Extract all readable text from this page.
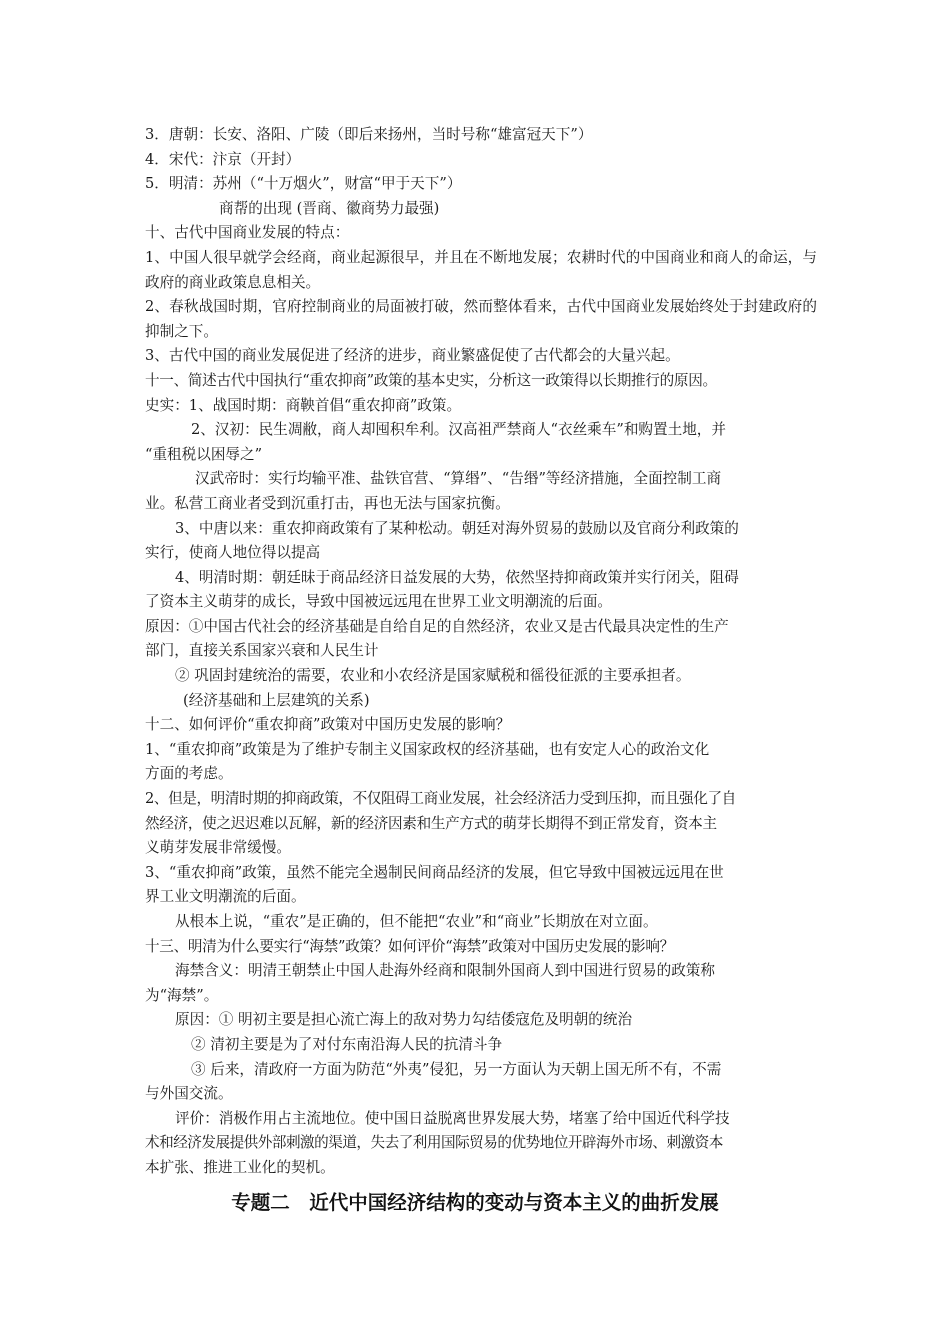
3．唐朝：长安、洛阳、广陵（即后来扬州，当时号称“雄富冠天下”）
4．宋代：汴京（开封）
5．明清：苏州（“十万烟火”，财富“甲于天下”）
商帮的出现 (晋商、徽商势力最强)
十、古代中国商业发展的特点：
1、中国人很早就学会经商，商业起源很早，并且在不断地发展；农耕时代的中国商业和商人的命运，与政府的商业政策息息相关。
2、春秋战国时期，官府控制商业的局面被打破，然而整体看来，古代中国商业发展始终处于封建政府的抑制之下。
3、古代中国的商业发展促进了经济的进步，商业繁盛促使了古代都会的大量兴起。
十一、简述古代中国执行“重农抑商”政策的基本史实，分析这一政策得以长期推行的原因。
史实：1、战国时期：商鞅首倡“重农抑商”政策。
2、汉初：民生凋敝，商人却囤积牟利。汉高祖严禁商人“衣丝乘车”和购置土地，并
“重租税以困辱之”
汉武帝时：实行均输平准、盐铁官营、“算缗”、“告缗”等经济措施，全面控制工商
业。私营工商业者受到沉重打击，再也无法与国家抗衡。
3、中唐以来：重农抑商政策有了某种松动。朝廷对海外贸易的鼓励以及官商分利政策的
实行，使商人地位得以提高
4、明清时期：朝廷昧于商品经济日益发展的大势，依然坚持抑商政策并实行闭关，阻碍
了资本主义萌芽的成长，导致中国被远远甩在世界工业文明潮流的后面。
原因：①中国古代社会的经济基础是自给自足的自然经济，农业又是古代最具决定性的生产
部门，直接关系国家兴衰和人民生计
② 巩固封建统治的需要，农业和小农经济是国家赋税和徭役征派的主要承担者。
(经济基础和上层建筑的关系)
十二、如何评价“重农抑商”政策对中国历史发展的影响？
1、“重农抑商”政策是为了维护专制主义国家政权的经济基础，也有安定人心的政治文化
方面的考虑。
2、但是，明清时期的抑商政策，不仅阻碍工商业发展，社会经济活力受到压抑，而且强化了自
然经济，使之迟迟难以瓦解，新的经济因素和生产方式的萌芽长期得不到正常发育，资本主
义萌芽发展非常缓慢。
3、“重农抑商”政策，虽然不能完全遏制民间商品经济的发展，但它导致中国被远远甩在世
界工业文明潮流的后面。
从根本上说，“重农”是正确的，但不能把“农业”和“商业”长期放在对立面。
十三、明清为什么要实行“海禁”政策？如何评价“海禁”政策对中国历史发展的影响？
海禁含义：明清王朝禁止中国人赴海外经商和限制外国商人到中国进行贸易的政策称
为“海禁”。
原因：① 明初主要是担心流亡海上的敌对势力勾结倭寇危及明朝的统治
② 清初主要是为了对付东南沿海人民的抗清斗争
③ 后来，清政府一方面为防范“外夷”侵犯，另一方面认为天朝上国无所不有，不需
与外国交流。
评价：消极作用占主流地位。使中国日益脱离世界发展大势，堵塞了给中国近代科学技
术和经济发展提供外部刺激的渠道，失去了利用国际贸易的优势地位开辟海外市场、刺激资本
本扩张、推进工业化的契机。
专题二　近代中国经济结构的变动与资本主义的曲折发展
